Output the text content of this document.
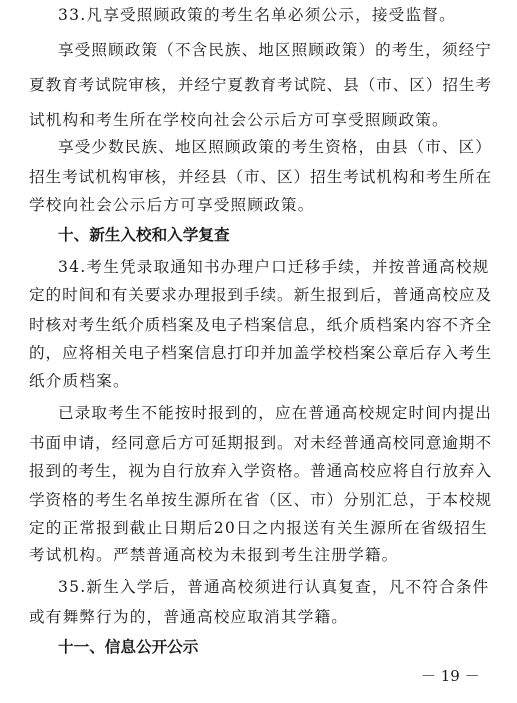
33.凡享受照顾政策的考生名单必须公示，接受监督。
享受照顾政策（不含民族、地区照顾政策）的考生，须经宁
夏教育考试院审核，并经宁夏教育考试院、县（市、区）招生考
试机构和考生所在学校向社会公示后方可享受照顾政策。
享受少数民族、地区照顾政策的考生资格，由县（市、区）
招生考试机构审核，并经县（市、区）招生考试机构和考生所在
学校向社会公示后方可享受照顾政策。
十、新生入校和入学复查
34.考生凭录取通知书办理户口迁移手续，并按普通高校规
定的时间和有关要求办理报到手续。新生报到后，普通高校应及
时核对考生纸介质档案及电子档案信息，纸介质档案内容不齐全
的，应将相关电子档案信息打印并加盖学校档案公章后存入考生
纸介质档案。
已录取考生不能按时报到的，应在普通高校规定时间内提出
书面申请，经同意后方可延期报到。对未经普通高校同意逾期不
报到的考生，视为自行放弃入学资格。普通高校应将自行放弃入
学资格的考生名单按生源所在省（区、市）分别汇总，于本校规
定的正常报到截止日期后20日之内报送有关生源所在省级招生
考试机构。严禁普通高校为未报到考生注册学籍。
35.新生入学后，普通高校须进行认真复查，凡不符合条件
或有舞弊行为的，普通高校应取消其学籍。
十一、信息公开公示
－ 19 －
